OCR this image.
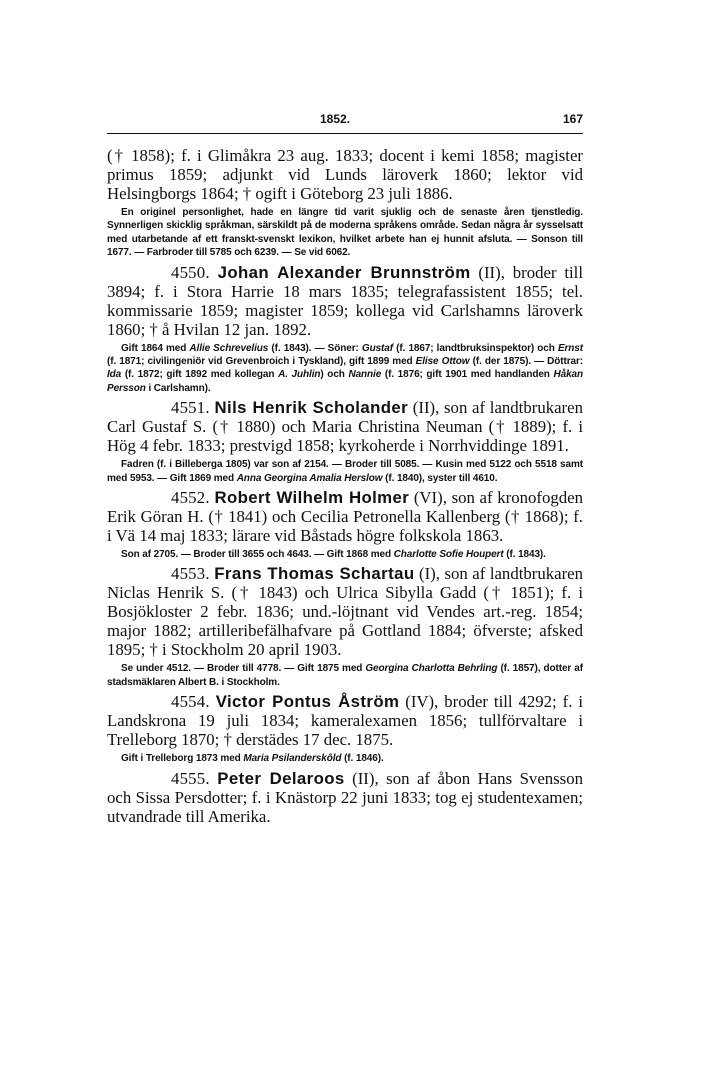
1852.	167

(† 1858); f. i Glimåkra 23 aug. 1833; docent i kemi 1858; magister primus 1859; adjunkt vid Lunds läroverk 1860; lektor vid Helsingborgs 1864; † ogift i Göteborg 23 juli 1886.

En originel personlighet, hade en längre tid varit sjuklig och de senaste åren tjenstledig. Synnerligen skicklig språkman, särskildt på de moderna språkens område. Sedan några år sysselsatt med utarbetande af ett franskt-svenskt lexikon, hvilket arbete han ej hunnit afsluta. — Sonson till 1677. — Farbroder till 5785 och 6239. — Se vid 6062.

4550. Johan Alexander Brunnström (II), broder till 3894; f. i Stora Harrie 18 mars 1835; telegrafassistent 1855; tel. kommissarie 1859; magister 1859; kollega vid Carlshamns läroverk 1860; † å Hvilan 12 jan. 1892.

Gift 1864 med Allie Schrevelius (f. 1843). — Söner: Gustaf (f. 1867; landtbruksinspektor) och Ernst (f. 1871; civilingeniör vid Grevenbroich i Tyskland), gift 1899 med Elise Ottow (f. der 1875). — Döttrar: Ida (f. 1872; gift 1892 med kollegan A. Juhlin) och Nannie (f. 1876; gift 1901 med handlanden Håkan Persson i Carlshamn).

4551. Nils Henrik Scholander (II), son af landtbrukaren Carl Gustaf S. († 1880) och Maria Christina Neuman († 1889); f. i Hög 4 febr. 1833; prestvigd 1858; kyrkoherde i Norrhviddinge 1891.

Fadren (f. i Billeberga 1805) var son af 2154. — Broder till 5085. — Kusin med 5122 och 5518 samt med 5953. — Gift 1869 med Anna Georgina Amalia Herslow (f. 1840), syster till 4610.

4552. Robert Wilhelm Holmer (VI), son af kronofogden Erik Göran H. († 1841) och Cecilia Petronella Kallenberg († 1868); f. i Vä 14 maj 1833; lärare vid Båstads högre folkskola 1863.

Son af 2705. — Broder till 3655 och 4643. — Gift 1868 med Charlotte Sofie Houpert (f. 1843).

4553. Frans Thomas Schartau (I), son af landtbrukaren Niclas Henrik S. († 1843) och Ulrica Sibylla Gadd († 1851); f. i Bosjökloster 2 febr. 1836; und.-löjtnant vid Vendes art.-reg. 1854; major 1882; artilleribefälhafvare på Gottland 1884; öfverste; afsked 1895; † i Stockholm 20 april 1903.

Se under 4512. — Broder till 4778. — Gift 1875 med Georgina Charlotta Behrling (f. 1857), dotter af stadsmäklaren Albert B. i Stockholm.

4554. Victor Pontus Åström (IV), broder till 4292; f. i Landskrona 19 juli 1834; kameralexamen 1856; tullförvaltare i Trelleborg 1870; † derstädes 17 dec. 1875.

Gift i Trelleborg 1873 med Maria Psilanderskôld (f. 1846).

4555. Peter Delaroos (II), son af åbon Hans Svensson och Sissa Persdotter; f. i Knästorp 22 juni 1833; tog ej studentexamen; utvandrade till Amerika.
